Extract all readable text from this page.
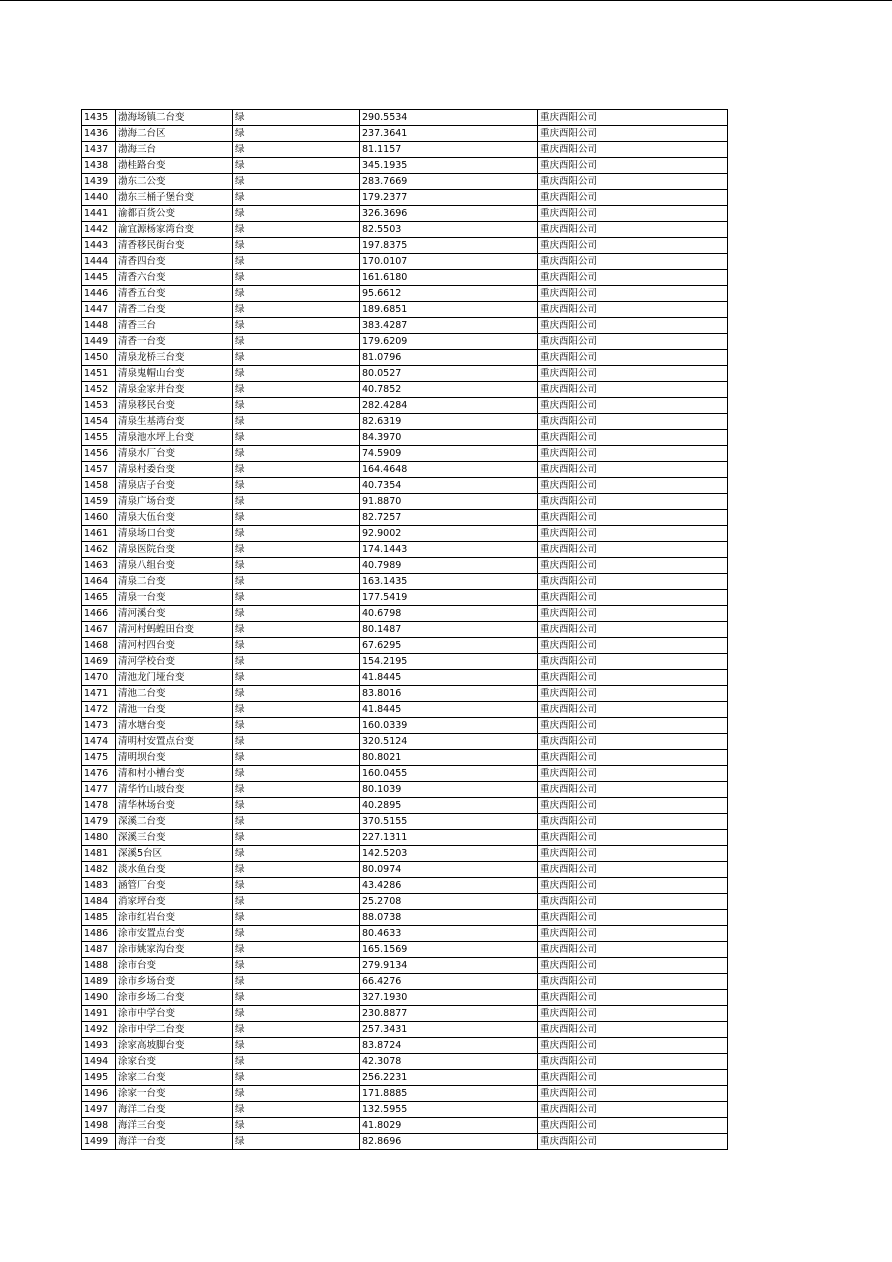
1435	渤海场镇二台变	绿	290.5534	重庆酉阳公司
1436	渤海二台区	绿	237.3641	重庆酉阳公司
1437	渤海三台	绿	81.1157	重庆酉阳公司
1438	渤桂路台变	绿	345.1935	重庆酉阳公司
1439	渤东二公变	绿	283.7669	重庆酉阳公司
1440	渤东三桶子堡台变	绿	179.2377	重庆酉阳公司
1441	渝都百货公变	绿	326.3696	重庆酉阳公司
1442	渝宜源杨家湾台变	绿	82.5503	重庆酉阳公司
1443	清香移民街台变	绿	197.8375	重庆酉阳公司
1444	清香四台变	绿	170.0107	重庆酉阳公司
1445	清香六台变	绿	161.6180	重庆酉阳公司
1446	清香五台变	绿	95.6612	重庆酉阳公司
1447	清香二台变	绿	189.6851	重庆酉阳公司
1448	清香三台	绿	383.4287	重庆酉阳公司
1449	清香一台变	绿	179.6209	重庆酉阳公司
1450	清泉龙桥三台变	绿	81.0796	重庆酉阳公司
1451	清泉鬼帽山台变	绿	80.0527	重庆酉阳公司
1452	清泉金家井台变	绿	40.7852	重庆酉阳公司
1453	清泉移民台变	绿	282.4284	重庆酉阳公司
1454	清泉生基湾台变	绿	82.6319	重庆酉阳公司
1455	清泉池水坪上台变	绿	84.3970	重庆酉阳公司
1456	清泉水厂台变	绿	74.5909	重庆酉阳公司
1457	清泉村委台变	绿	164.4648	重庆酉阳公司
1458	清泉店子台变	绿	40.7354	重庆酉阳公司
1459	清泉广场台变	绿	91.8870	重庆酉阳公司
1460	清泉大伍台变	绿	82.7257	重庆酉阳公司
1461	清泉场口台变	绿	92.9002	重庆酉阳公司
1462	清泉医院台变	绿	174.1443	重庆酉阳公司
1463	清泉八组台变	绿	40.7989	重庆酉阳公司
1464	清泉二台变	绿	163.1435	重庆酉阳公司
1465	清泉一台变	绿	177.5419	重庆酉阳公司
1466	清河溪台变	绿	40.6798	重庆酉阳公司
1467	清河村蚂蝗田台变	绿	80.1487	重庆酉阳公司
1468	清河村四台变	绿	67.6295	重庆酉阳公司
1469	清河学校台变	绿	154.2195	重庆酉阳公司
1470	清池龙门垭台变	绿	41.8445	重庆酉阳公司
1471	清池二台变	绿	83.8016	重庆酉阳公司
1472	清池一台变	绿	41.8445	重庆酉阳公司
1473	清水塘台变	绿	160.0339	重庆酉阳公司
1474	清明村安置点台变	绿	320.5124	重庆酉阳公司
1475	清明坝台变	绿	80.8021	重庆酉阳公司
1476	清和村小槽台变	绿	160.0455	重庆酉阳公司
1477	清华竹山坡台变	绿	80.1039	重庆酉阳公司
1478	清华林场台变	绿	40.2895	重庆酉阳公司
1479	深溪二台变	绿	370.5155	重庆酉阳公司
1480	深溪三台变	绿	227.1311	重庆酉阳公司
1481	深溪5台区	绿	142.5203	重庆酉阳公司
1482	淡水鱼台变	绿	80.0974	重庆酉阳公司
1483	涵管厂台变	绿	43.4286	重庆酉阳公司
1484	消家坪台变	绿	25.2708	重庆酉阳公司
1485	涂市红岩台变	绿	88.0738	重庆酉阳公司
1486	涂市安置点台变	绿	80.4633	重庆酉阳公司
1487	涂市姚家沟台变	绿	165.1569	重庆酉阳公司
1488	涂市台变	绿	279.9134	重庆酉阳公司
1489	涂市乡场台变	绿	66.4276	重庆酉阳公司
1490	涂市乡场二台变	绿	327.1930	重庆酉阳公司
1491	涂市中学台变	绿	230.8877	重庆酉阳公司
1492	涂市中学二台变	绿	257.3431	重庆酉阳公司
1493	涂家高坡脚台变	绿	83.8724	重庆酉阳公司
1494	涂家台变	绿	42.3078	重庆酉阳公司
1495	涂家二台变	绿	256.2231	重庆酉阳公司
1496	涂家一台变	绿	171.8885	重庆酉阳公司
1497	海洋二台变	绿	132.5955	重庆酉阳公司
1498	海洋三台变	绿	41.8029	重庆酉阳公司
1499	海洋一台变	绿	82.8696	重庆酉阳公司
